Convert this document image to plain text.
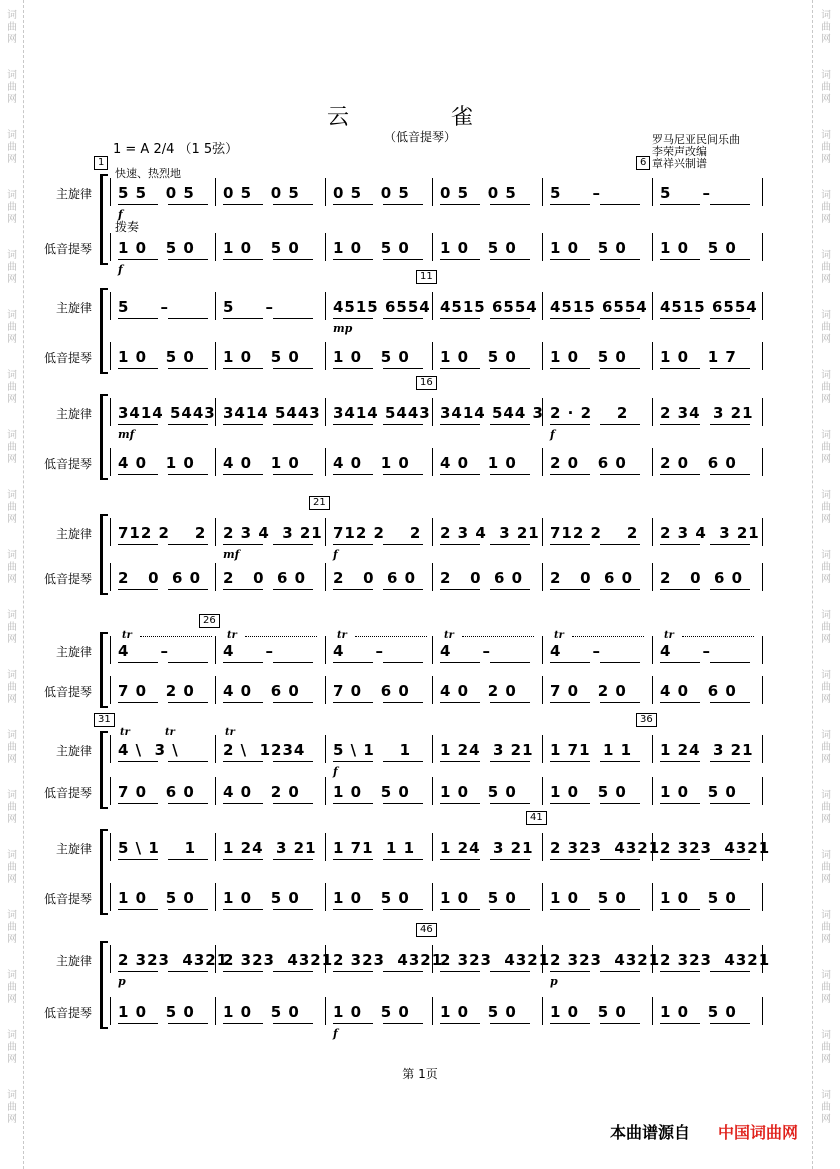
词
曲
网
词
曲
网
词
曲
网
词
曲
网
词
曲
网
词
曲
网
词
曲
网
词
曲
网
词
曲
网
词
曲
网
词
曲
网
词
曲
网
词
曲
网
词
曲
网
词
曲
网
词
曲
网
词
曲
网
词
曲
网
词
曲
网
词
曲
网
词
曲
网
词
曲
网
词
曲
网
词
曲
网
词
曲
网
词
曲
网
词
曲
网
词
曲
网
词
曲
网
词
曲
网
词
曲
网
词
曲
网
词
曲
网
词
曲
网
词
曲
网
词
曲
网
词
曲
网
词
曲
网
云　雀
（低音提琴）
1 = A 2/4 （1 5弦）
罗马尼亚民间乐曲
李荣声改编
章祥兴制谱
快速、热烈地
主旋律
低音提琴
5 5   0 5
1 0   5 0
0 5   0 5
1 0   5 0
0 5   0 5
1 0   5 0
0 5   0 5
1 0   5 0
5     –
1 0   5 0
5     –
1 0   5 0
主旋律
低音提琴
5     –
1 0   5 0
5     –
1 0   5 0
4515 6554
1 0   5 0
4515 6554
1 0   5 0
4515 6554
1 0   5 0
4515 6554
1 0   1 7
主旋律
低音提琴
3414 5443
4 0   1 0
3414 5443
4 0   1 0
3414 5443
4 0   1 0
3414 544 3
4 0   1 0
2 · 2    2
2 0   6 0
2 34  3 21
2 0   6 0
主旋律
低音提琴
712 2    2
2   0  6 0
2 3 4  3 21
2   0  6 0
712 2    2
2   0  6 0
2 3 4  3 21
2   0  6 0
712 2    2
2   0  6 0
2 3 4  3 21
2   0  6 0
主旋律
低音提琴
4     –
7 0   2 0
4     –
4 0   6 0
4     –
7 0   6 0
4     –
4 0   2 0
4     –
7 0   2 0
4     –
4 0   6 0
主旋律
低音提琴
4 \  3 \
7 0   6 0
2 \  1234
4 0   2 0
5 \ 1    1
1 0   5 0
1 24  3 21
1 0   5 0
1 71  1 1
1 0   5 0
1 24  3 21
1 0   5 0
主旋律
低音提琴
5 \ 1    1
1 0   5 0
1 24  3 21
1 0   5 0
1 71  1 1
1 0   5 0
1 24  3 21
1 0   5 0
2 323  4321
1 0   5 0
2 323  4321
1 0   5 0
主旋律
低音提琴
2 323  4321
1 0   5 0
2 323  4321
1 0   5 0
2 323  4321
1 0   5 0
2 323  4321
1 0   5 0
2 323  4321
1 0   5 0
2 323  4321
1 0   5 0
tr	tr	tr	tr	tr	tr
tr	tr	tr
1	6
11
16
21
26
31	36
41
46
f
f
mp
mf	f
mf	f
p
f
p
f
拨奏
第 1页
本曲谱源自 中国词曲网
